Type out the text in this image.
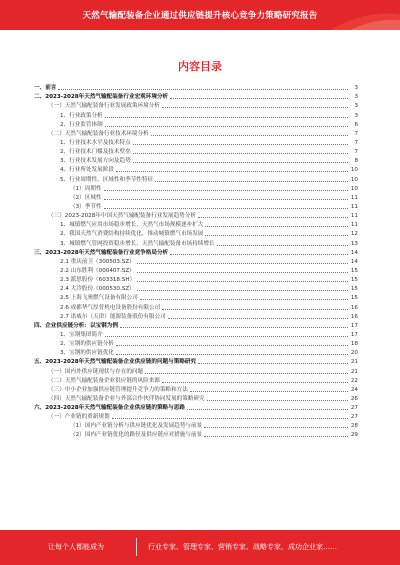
天然气输配装备企业通过供应链提升核心竞争力策略研究报告
内容目录
一、前言	3
二、2023-2028年天然气输配装备行业宏观环境分析	3
（一）天然气输配装备行业发展政策环境分析	3
1、行业政策分析	3
2、行业监管体制	6
（二）天然气输配装备行业技术环境分析	7
1、行业技术水平及技术特点	7
2、行业技术门槛及技术壁垒	7
3、行业技术发展方向及趋势	8
4、行业所处发展阶段	10
5、行业周期性、区域性和季节性特征	10
（1）周期性	10
（2）区域性	11
（3）季节性	11
（三）2023-2028年中国天然气输配装备行业发展趋势分析	11
1、城镇燃气应用市场稳步增长，天然气市场规模逐步扩大	11
2、我国天然气消费结构持续优化，推动城镇燃气市场发展	12
3、城镇燃气管网投资稳步增长，天然气输配装备市场持续增长	13
三、2023-2028年天然气输配装备行业竞争格局分析	14
2.1 重庆前卫（300503.SZ）	14
2.2 山东胜利（000407.SZ）	15
2.3 派思股份（603318.SH）	15
2.4 大冷股份（000530.SZ）	15
2.5 上海飞奥燃气设备有限公司	15
2.6 成都华气厚普机电设备股份有限公司	16
2.7 诺威尔（天津）能源装备股份有限公司	16
四、企业供应链分析：以宝钢为例	17
1、宝钢集团简介	17
2、宝钢的供应链分析	18
3、宝钢的供应链优化	20
五、2023-2028年天然气输配装备企业供应链的问题与策略研究	21
（一）国内外供应链现状与存在的问题	21
（二）天然气输配装备企业供应链的风险来源	22
（三）中小企业加强供应链管理提升竞争力的策略和方法	24
（四）天然气输配装备企业与外部合作伙伴协同发展的策略研究	26
六、2023-2028年天然气输配装备企业供应链的策略与思路	27
（一）产业链的重新规划	27
（1）国内产业链分析与供应链优化及发展趋势与前景	28
（2）国内产业链优化的路径及供应链应对措施与前景	29
让每个人都能成为	行业专家、管理专家、营销专家、战略专家、成功企业家……
